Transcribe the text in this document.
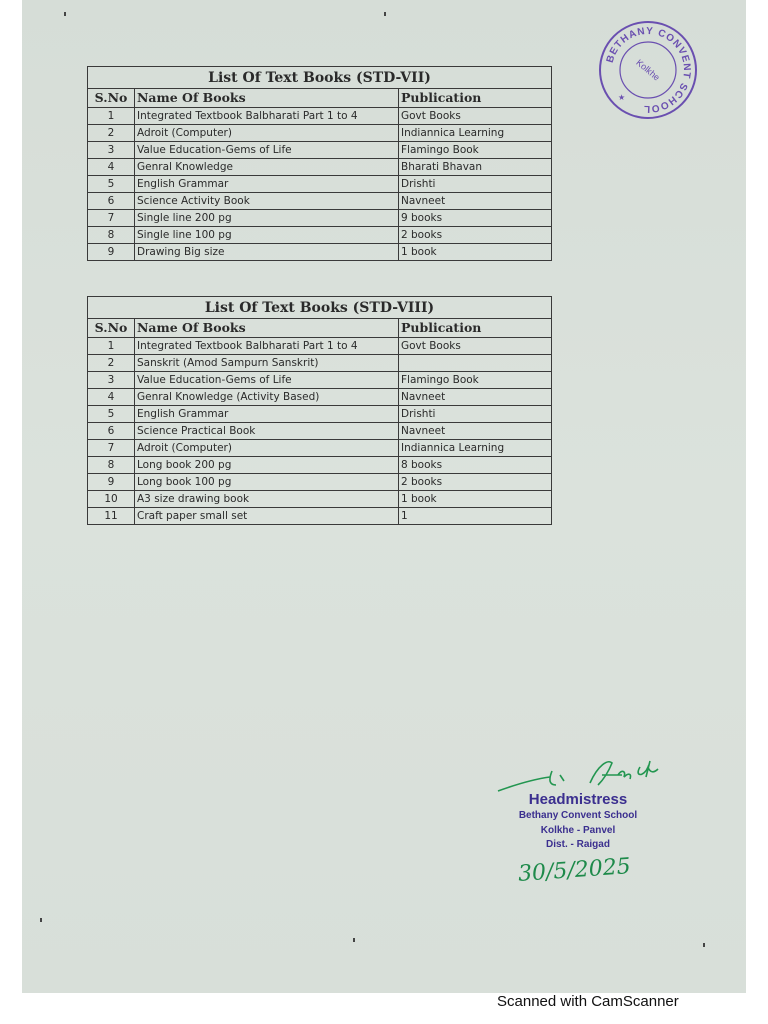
List Of Text Books (STD-VII)		
S.No	Name Of Books	Publication
1	Integrated Textbook Balbharati Part 1 to 4	Govt Books
2	Adroit (Computer)	Indiannica Learning
3	Value Education-Gems of Life	Flamingo Book
4	Genral Knowledge	Bharati Bhavan
5	English Grammar	Drishti
6	Science Activity Book	Navneet
7	Single line 200 pg	9 books
8	Single line 100 pg	2 books
9	Drawing Big size	1 book
List Of Text Books (STD-VIII)		
S.No	Name Of Books	Publication
1	Integrated Textbook Balbharati Part 1 to 4	Govt Books
2	Sanskrit (Amod Sampurn Sanskrit)	
3	Value Education-Gems of Life	Flamingo Book
4	Genral Knowledge (Activity Based)	Navneet
5	English Grammar	Drishti
6	Science Practical Book	Navneet
7	Adroit (Computer)	Indiannica Learning
8	Long book 200 pg	8 books
9	Long book 100 pg	2 books
10	A3 size drawing book	1 book
11	Craft paper small set	1
BETHANY CONVENT SCHOOL
Kolkhe
★
Headmistress
Bethany Convent School
Kolkhe - Panvel
Dist. - Raigad
30/5/2025
Scanned with CamScanner
